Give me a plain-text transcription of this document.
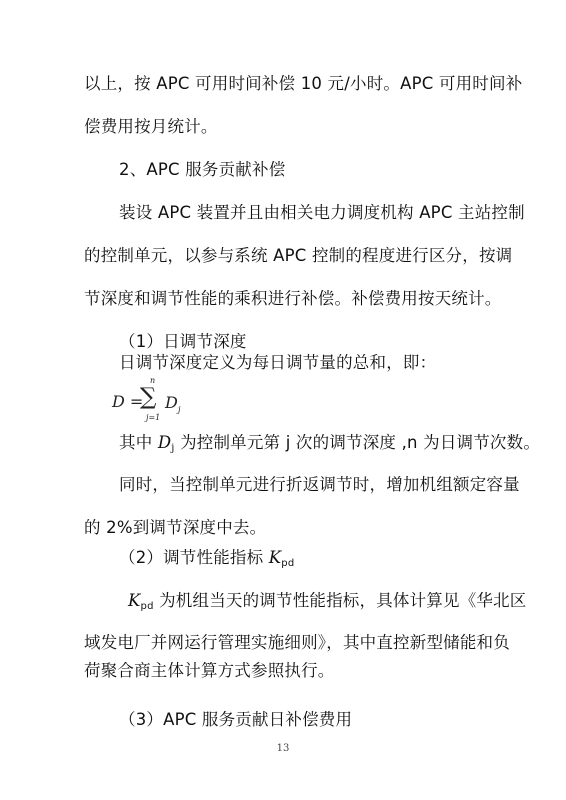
以上，按 APC 可用时间补偿 10 元/小时。APC 可用时间补
偿费用按月统计。
2、APC 服务贡献补偿
装设 APC 装置并且由相关电力调度机构 APC 主站控制
的控制单元，以参与系统 APC 控制的程度进行区分，按调
节深度和调节性能的乘积进行补偿。补偿费用按天统计。
（1）日调节深度
日调节深度定义为每日调节量的总和，即：
D =
∑
n
j=1
D j
其中 $D_j$ 为控制单元第 j 次的调节深度 ,n 为日调节次数。
同时，当控制单元进行折返调节时，增加机组额定容量
的 2%到调节深度中去。
（2）调节性能指标 $K_{pd}$
$K_{pd}$ 为机组当天的调节性能指标，具体计算见《华北区
域发电厂并网运行管理实施细则》，其中直控新型储能和负
荷聚合商主体计算方式参照执行。
（3）APC 服务贡献日补偿费用
13
